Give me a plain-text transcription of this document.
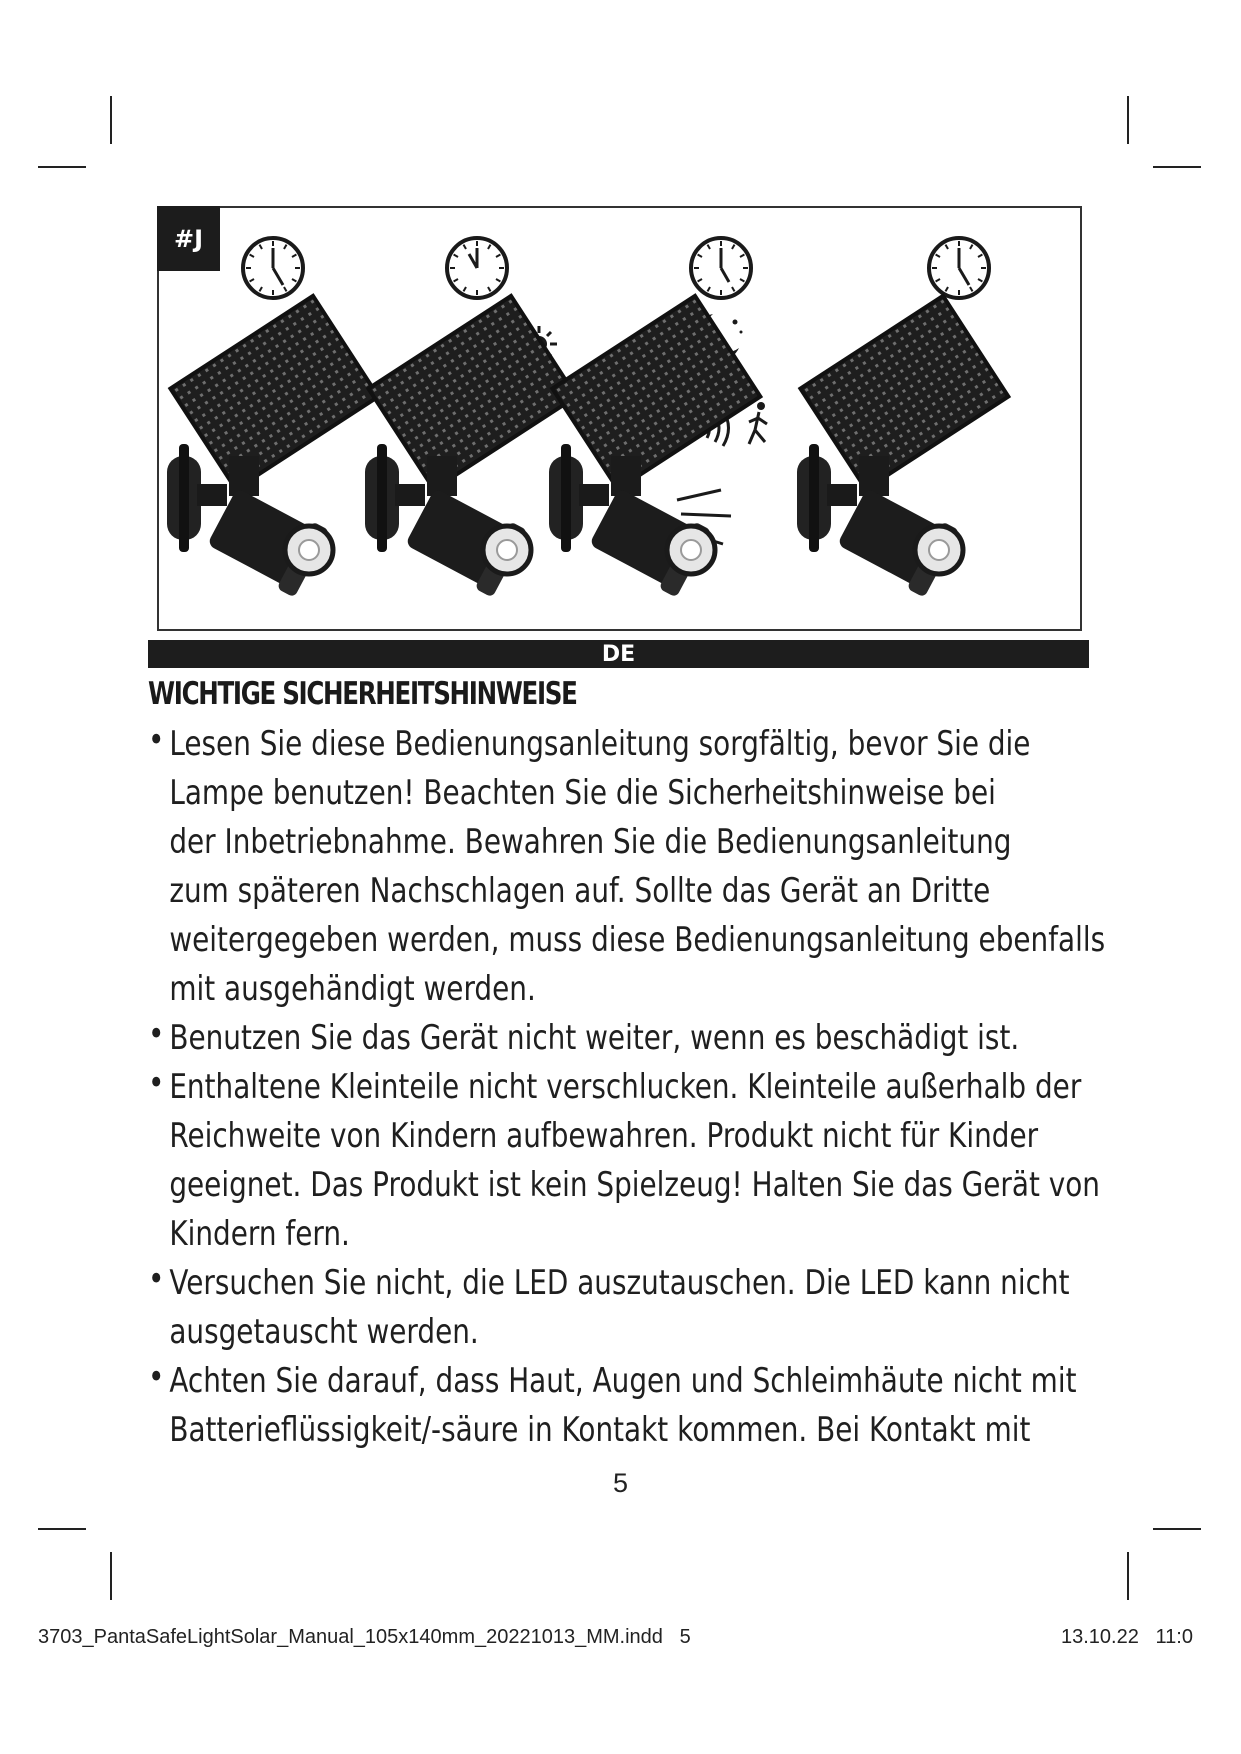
#J
DE
WICHTIGE SICHERHEITSHINWEISE
• Lesen Sie diese Bedienungsanleitung sorgfältig, bevor Sie die
Lampe benutzen! Beachten Sie die Sicherheitshinweise bei
der Inbetriebnahme. Bewahren Sie die Bedienungsanleitung
zum späteren Nachschlagen auf. Sollte das Gerät an Dritte
weitergegeben werden, muss diese Bedienungsanleitung ebenfalls
mit ausgehändigt werden.
• Benutzen Sie das Gerät nicht weiter, wenn es beschädigt ist.
• Enthaltene Kleinteile nicht verschlucken. Kleinteile außerhalb der
Reichweite von Kindern aufbewahren. Produkt nicht für Kinder
geeignet. Das Produkt ist kein Spielzeug! Halten Sie das Gerät von
Kindern fern.
• Versuchen Sie nicht, die LED auszutauschen. Die LED kann nicht
ausgetauscht werden.
• Achten Sie darauf, dass Haut, Augen und Schleimhäute nicht mit
Batterieflüssigkeit/-säure in Kontakt kommen. Bei Kontakt mit
5
3703_PantaSafeLightSolar_Manual_105x140mm_20221013_MM.indd   5	13.10.22   11:0
